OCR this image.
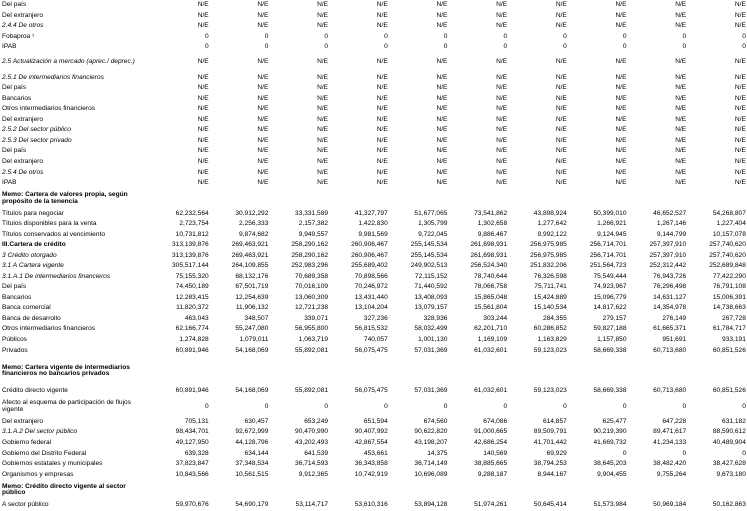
Del país	N/E	N/E	N/E	N/E	N/E	N/E	N/E	N/E	N/E	N/E
Del extranjero	N/E	N/E	N/E	N/E	N/E	N/E	N/E	N/E	N/E	N/E
2.4.4 De otros	N/E	N/E	N/E	N/E	N/E	N/E	N/E	N/E	N/E	N/E
Fobaproa ¹	0	0	0	0	0	0	0	0	0	0
IPAB	0	0	0	0	0	0	0	0	0	0
2.5 Actualización a mercado (aprec./ deprec.)	N/E	N/E	N/E	N/E	N/E	N/E	N/E	N/E	N/E	N/E
2.5.1 De intermediarios financieros	N/E	N/E	N/E	N/E	N/E	N/E	N/E	N/E	N/E	N/E
Del país	N/E	N/E	N/E	N/E	N/E	N/E	N/E	N/E	N/E	N/E
Bancarios	N/E	N/E	N/E	N/E	N/E	N/E	N/E	N/E	N/E	N/E
Otros intermediarios financieros	N/E	N/E	N/E	N/E	N/E	N/E	N/E	N/E	N/E	N/E
Del extranjero	N/E	N/E	N/E	N/E	N/E	N/E	N/E	N/E	N/E	N/E
2.5.2 Del sector público	N/E	N/E	N/E	N/E	N/E	N/E	N/E	N/E	N/E	N/E
2.5.3 Del sector privado	N/E	N/E	N/E	N/E	N/E	N/E	N/E	N/E	N/E	N/E
Del país	N/E	N/E	N/E	N/E	N/E	N/E	N/E	N/E	N/E	N/E
Del extranjero	N/E	N/E	N/E	N/E	N/E	N/E	N/E	N/E	N/E	N/E
2.5.4 De otros	N/E	N/E	N/E	N/E	N/E	N/E	N/E	N/E	N/E	N/E
IPAB	N/E	N/E	N/E	N/E	N/E	N/E	N/E	N/E	N/E	N/E
Memo: Cartera de valores propia, según propósito de la tenencia										
Títulos para negociar	62,232,564	30,912,292	33,331,589	41,327,797	51,677,065	73,541,862	43,898,924	50,399,010	46,652,527	54,268,807
Títulos disponibles para la venta	2,723,754	2,256,333	2,157,382	1,422,830	1,305,799	1,302,658	1,277,642	1,266,921	1,267,146	1,227,404
Títulos conservados al vencimiento	10,731,812	9,874,682	9,949,557	9,981,569	9,722,045	9,886,467	9,992,122	9,124,945	9,144,799	10,157,078
III.Cartera de crédito	313,139,876	269,463,921	258,290,162	260,906,467	255,145,534	261,698,931	256,975,985	256,714,701	257,397,910	257,740,620
3 Crédito otorgado	313,139,876	269,463,921	258,290,162	260,906,467	255,145,534	261,698,931	256,975,985	256,714,701	257,397,910	257,740,620
3.1 A Cartera vigente	305,517,144	264,109,855	252,983,296	255,689,402	249,902,513	256,524,340	251,832,206	251,564,723	252,312,442	252,689,848
3.1.A.1 De intermediarios financieros	75,155,320	68,132,176	70,689,358	70,898,566	72,115,152	78,740,644	76,326,598	75,549,444	76,943,726	77,422,290
Del país	74,450,189	67,501,719	70,016,109	70,246,972	71,440,592	78,066,758	75,711,741	74,923,967	76,296,498	76,791,108
Bancarios	12,283,415	12,254,639	13,060,309	13,431,440	13,408,093	15,865,048	15,424,889	15,096,779	14,631,127	15,006,391
Banca comercial	11,820,372	11,906,132	12,721,238	13,104,204	13,079,157	15,561,804	15,140,534	14,817,622	14,354,978	14,738,663
Banca de desarrollo	463,043	348,507	339,071	327,236	328,936	303,244	284,355	279,157	276,149	267,728
Otros intermediarios financieros	62,166,774	55,247,080	56,955,800	56,815,532	58,032,499	62,201,710	60,286,852	59,827,188	61,665,371	61,784,717
Públicos	1,274,828	1,079,011	1,063,719	740,057	1,001,130	1,169,109	1,163,829	1,157,850	951,691	933,191
Privados	60,891,946	54,168,069	55,892,081	56,075,475	57,031,369	61,032,601	59,123,023	58,669,338	60,713,680	60,851,526
Memo: Cartera vigente de intermediarios financieros no bancarios privados										
Crédito directo vigente	60,891,946	54,168,069	55,892,081	56,075,475	57,031,369	61,032,601	59,123,023	58,669,338	60,713,680	60,851,526
Afecto al esquema de participación de flujos vigente	0	0	0	0	0	0	0	0	0	0
Del extranjero	705,131	630,457	653,249	651,594	674,560	674,086	614,857	625,477	647,228	631,182
3.1.A.2 Del sector público	98,434,701	92,672,999	90,470,990	90,407,992	90,622,820	91,000,665	89,509,791	90,219,390	89,471,617	88,590,612
Gobierno federal	49,127,950	44,128,796	43,202,493	42,867,554	43,198,207	42,686,254	41,701,442	41,669,732	41,234,133	40,489,904
Gobierno del Distrito Federal	639,328	634,144	641,539	453,661	14,375	140,569	69,929	0	0	0
Gobiernos estatales y municipales	37,823,847	37,348,534	36,714,593	36,343,858	36,714,149	38,885,665	38,794,253	38,645,203	38,482,420	38,427,628
Organismos y empresas	10,843,566	10,561,515	9,912,365	10,742,919	10,696,089	9,288,187	8,944,167	9,904,455	9,755,264	9,673,180
Memo: Crédito directo vigente al sector público										
A sector público	59,970,676	54,690,179	53,114,717	53,610,316	53,894,128	51,974,261	50,645,414	51,573,984	50,969,184	50,162,863
